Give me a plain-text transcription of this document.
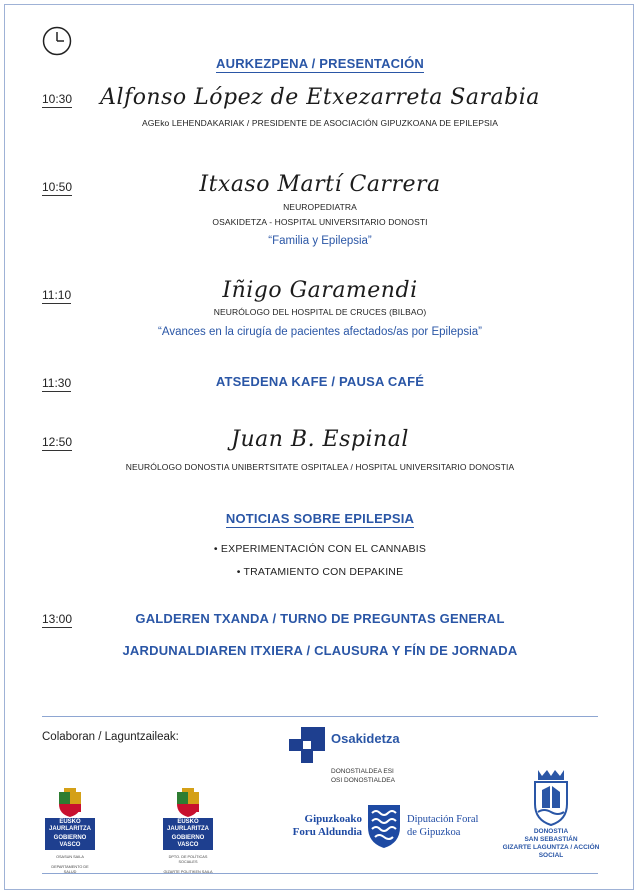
AURKEZPENA / PRESENTACIÓN
10:30	Alfonso López de Etxezarreta Sarabia
AGEko LEHENDAKARIAK / PRESIDENTE DE ASOCIACIÓN GIPUZKOANA DE EPILEPSIA
10:50	Itxaso Martí Carrera
NEUROPEDIATRA
OSAKIDETZA - HOSPITAL UNIVERSITARIO DONOSTI
“Familia y Epilepsia”
11:10	Iñigo Garamendi
NEURÓLOGO DEL HOSPITAL DE CRUCES (BILBAO)
“Avances en la cirugía de pacientes afectados/as por Epilepsia”
11:30	ATSEDENA KAFE / PAUSA CAFÉ
12:50	Juan B. Espinal
NEURÓLOGO DONOSTIA UNIBERTSITATE OSPITALEA / HOSPITAL UNIVERSITARIO DONOSTIA
NOTICIAS SOBRE EPILEPSIA
• EXPERIMENTACIÓN CON EL CANNABIS
• TRATAMIENTO CON DEPAKINE
13:00	GALDEREN TXANDA / TURNO DE PREGUNTAS GENERAL
JARDUNALDIAREN ITXIERA / CLAUSURA Y FÍN DE JORNADA
Colaboran / Laguntzaileak:
EUSKO JAURLARITZA
GOBIERNO VASCO
OSASUN SAILA
DEPARTAMENTO DE SALUD
EUSKO JAURLARITZA
GOBIERNO VASCO
DPTO. DE POLÍTICAS SOCIALES
GIZARTE POLITIKEN SAILA
Osakidetza
DONOSTIALDEA ESI
OSI DONOSTIALDEA
Gipuzkoako
Foru Aldundia
Diputación Foral
de Gipuzkoa	DONOSTIA
SAN SEBASTIÁN
GIZARTE LAGUNTZA / ACCIÓN SOCIAL
